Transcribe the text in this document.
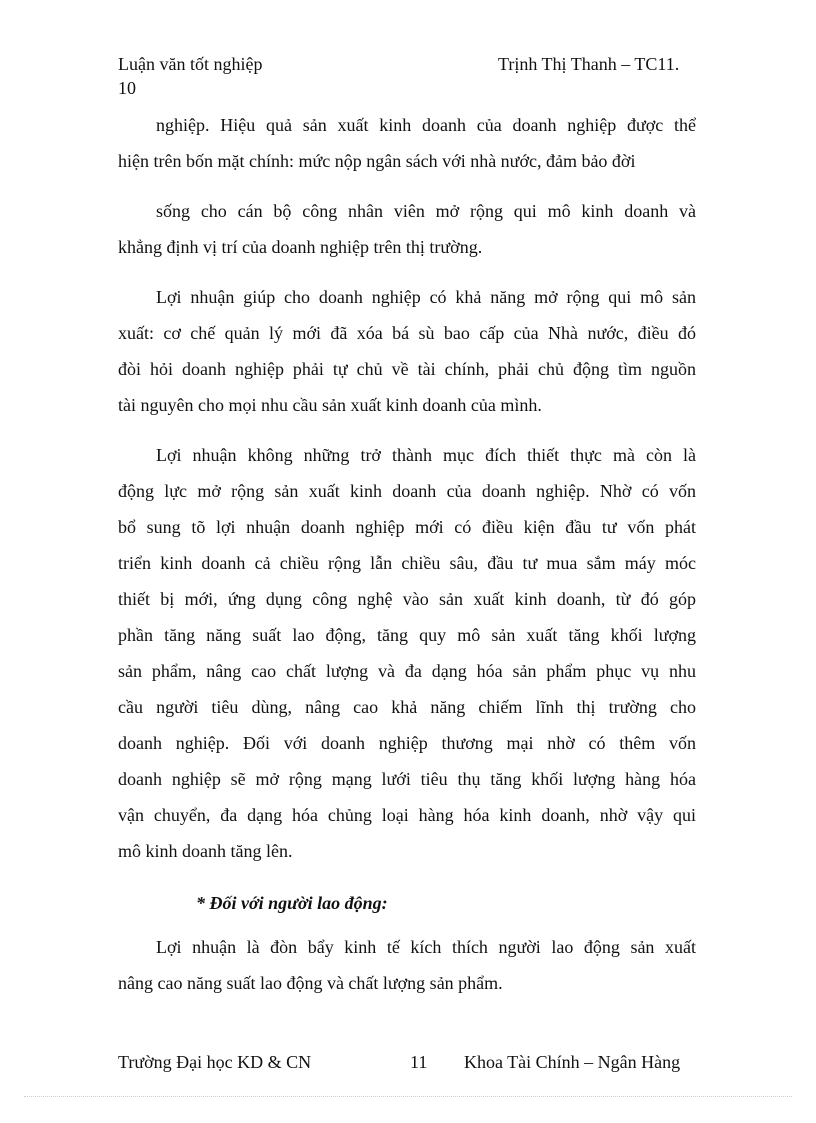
Luận văn tốt nghiệp	Trịnh Thị Thanh – TC11.
10
nghiệp. Hiệu quả sản xuất kinh doanh của doanh nghiệp được thể
hiện trên bốn mặt chính: mức nộp ngân sách với nhà nước, đảm bảo đời
sống cho cán bộ công nhân viên mở rộng qui mô kinh doanh và
khẳng định vị trí của doanh nghiệp trên thị trường.
Lợi nhuận giúp cho doanh nghiệp có khả năng mở rộng qui mô sản
xuất: cơ chế quản lý mới đã xóa bá sù bao cấp của Nhà nước, điều đó
đòi hỏi doanh nghiệp phải tự chủ về tài chính, phải chủ động tìm nguồn
tài nguyên cho mọi nhu cầu sản xuất kinh doanh của mình.
Lợi nhuận không những trở thành mục đích thiết thực mà còn là
động lực mở rộng sản xuất kinh doanh của doanh nghiệp. Nhờ có vốn
bổ sung tõ lợi nhuận doanh nghiệp mới có điều kiện đầu tư vốn phát
triển kinh doanh cả chiều rộng lẫn chiều sâu, đầu tư mua sắm máy móc
thiết bị mới, ứng dụng công nghệ vào sản xuất kinh doanh, từ đó góp
phần tăng năng suất lao động, tăng quy mô sản xuất tăng khối lượng
sản phẩm, nâng cao chất lượng và đa dạng hóa sản phẩm phục vụ nhu
cầu người tiêu dùng, nâng cao khả năng chiếm lĩnh thị trường cho
doanh nghiệp. Đối với doanh nghiệp thương mại nhờ có thêm vốn
doanh nghiệp sẽ mở rộng mạng lưới tiêu thụ tăng khối lượng hàng hóa
vận chuyển, đa dạng hóa chủng loại hàng hóa kinh doanh, nhờ vậy qui
mô kinh doanh tăng lên.
* Đối với người lao động:
Lợi nhuận là đòn bẩy kinh tế kích thích người lao động sản xuất
nâng cao năng suất lao động và chất lượng sản phẩm.
Trường Đại học KD & CN	11 Khoa Tài Chính – Ngân Hàng
